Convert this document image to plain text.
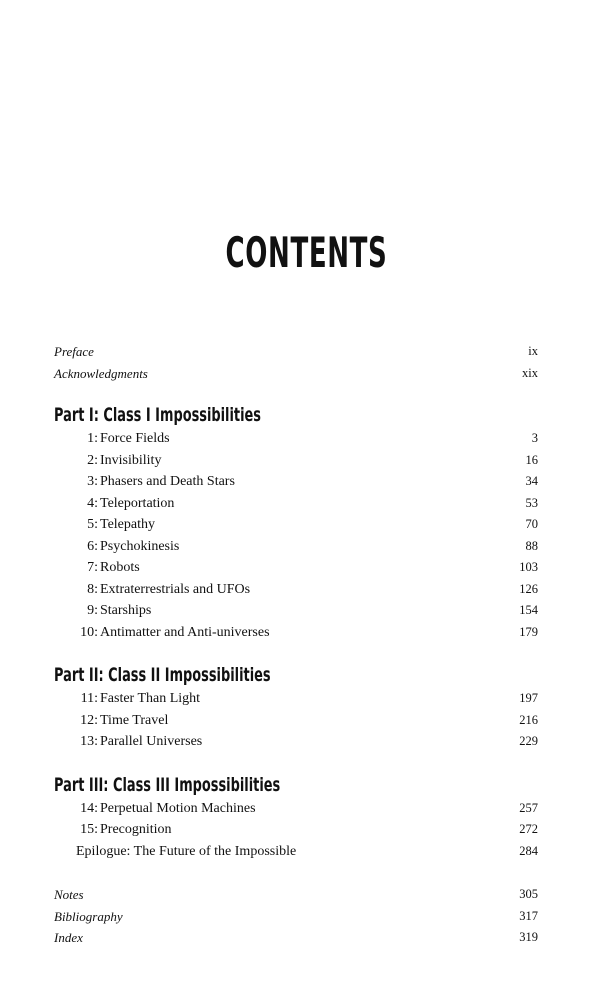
CONTENTS
Preface	ix
Acknowledgments	xix
Part I: Class I Impossibilities
1: Force Fields	3
2: Invisibility	16
3: Phasers and Death Stars	34
4: Teleportation	53
5: Telepathy	70
6: Psychokinesis	88
7: Robots	103
8: Extraterrestrials and UFOs	126
9: Starships	154
10: Antimatter and Anti-universes	179
Part II: Class II Impossibilities
11: Faster Than Light	197
12: Time Travel	216
13: Parallel Universes	229
Part III: Class III Impossibilities
14: Perpetual Motion Machines	257
15: Precognition	272
Epilogue: The Future of the Impossible	284
Notes	305
Bibliography	317
Index	319
